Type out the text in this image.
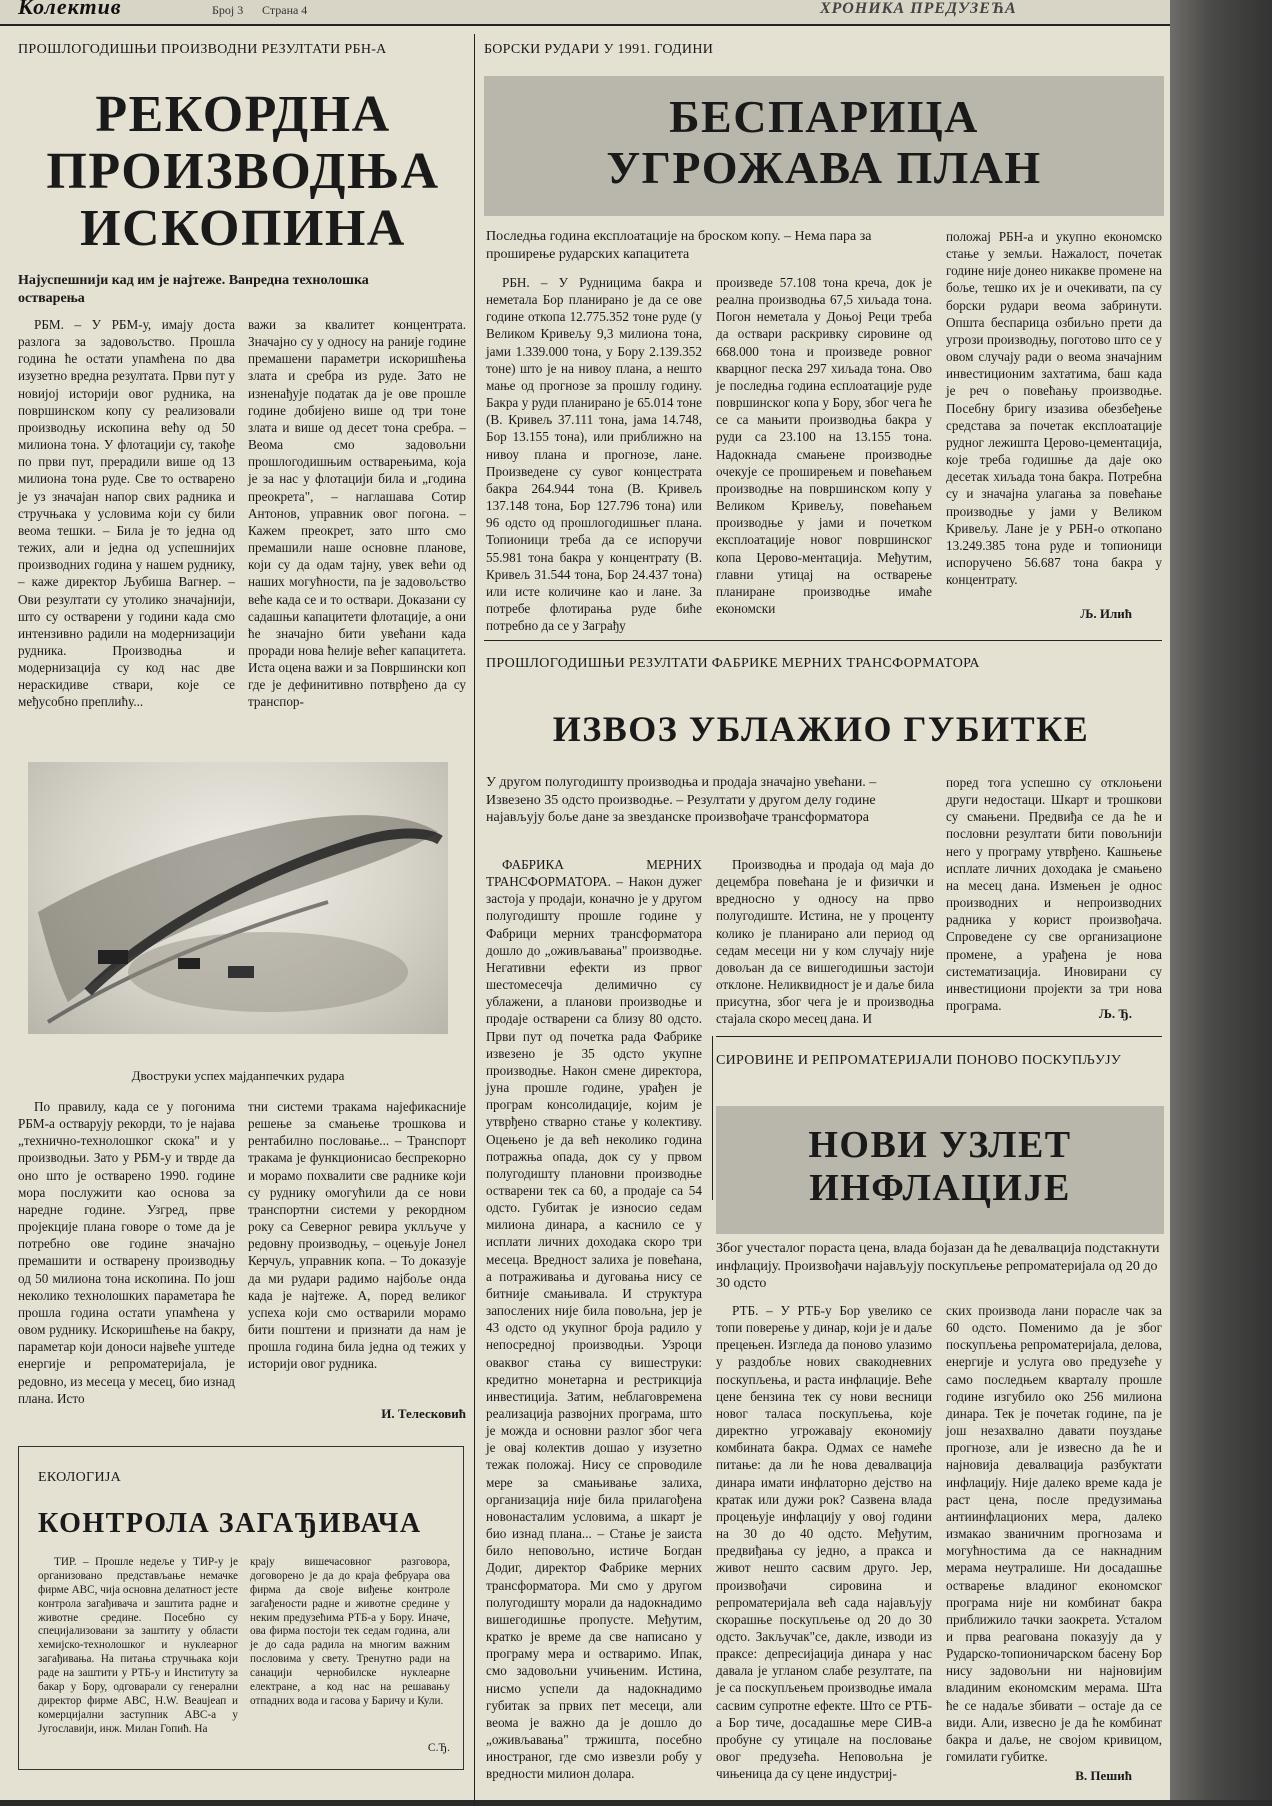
Колектив	Број 3 Страна 4	ХРОНИКА ПРЕДУЗЕЋА
ПРОШЛОГОДИШЊИ ПРОИЗВОДНИ РЕЗУЛТАТИ РБН-А
РЕКОРДНА
ПРОИЗВОДЊА
ИСКОПИНА
Најуспешнији кад им је најтеже. Ванредна технолошка остварења

РБМ. – У РБМ-у, имају доста разлога за задовољство. Прошла година ће остати упамћена по два изузетно вредна резултата. Први пут у новијој историји овог рудника, на површинском копу су реализовали производњу ископина већу од 50 милиона тона. У флотацији су, такође по први пут, прерадили више од 13 милиона тона руде. Све то остварено је уз значајан напор свих радника и стручњака у условима који су били веома тешки. – Била је то једна од тежих, али и једна од успешнијих производних година у нашем руднику, – каже директор Љубиша Вагнер. – Ови резултати су утолико значајнији, што су остварени у години када смо интензивно радили на модернизацији рудника. Производња и модернизација су код нас две нераскидиве ствари, које се међусобно преплићу...

важи за квалитет концентрата. Значајно су у односу на раније године премашени параметри искоришћења злата и сребра из руде. Зато не изненађује податак да је ове прошле године добијено више од три тоне злата и више од десет тона сребра. – Веома смо задовољни прошлогодишњим остварењима, која је за нас у флотацији била и „година преокрета", – наглашава Сотир Антонов, управник овог погона. – Кажем преокрет, зато што смо премашили наше основне планове, који су да одам тајну, увек већи од наших могућности, па је задовољство веће када се и то оствари. Доказани су садашњи капацитети флотације, а они ће значајно бити увећани када проради нова ћелије већег капацитета. Иста оцена важи и за Површински коп где је дефинитивно потврђено да су транспор-

Двоструки успех мајданпечких рудара

По правилу, када се у погонима РБМ-а остварују рекорди, то је најава „технично-технолошког скока" и у производњи. Зато у РБМ-у и тврде да оно што је остварено 1990. године мора послужити као основа за наредне године. Узгред, прве пројекције плана говоре о томе да је потребно ове године значајно премашити и остварену производњу од 50 милиона тона ископина. По још неколико технолошких параметара ће прошла година остати упамћена у овом руднику. Искоришћење на бакру, параметар који доноси највеће уштеде енергије и репроматеријала, је редовно, из месеца у месец, био изнад плана. Исто

тни системи тракама најефикасније решење за смањење трошкова и рентабилно пословање... – Транспорт тракама је функционисао беспрекорно и морамо похвалити све раднике који су руднику омогућили да се нови транспортни системи у рекордном року са Северног ревира уклључе у редовну производњу, – оцењује Јонел Керчуљ, управник копа. – То доказује да ми рудари радимо најбоље онда када је најтеже. А, поред великог успеха који смо остварили морамо бити поштени и признати да нам је прошла година била једна од тежих у историји овог рудника.

И. Телесковић
ЕКОЛОГИЈА
КОНТРОЛА ЗАГАЂИВАЧА

ТИР. – Прошле недеље у ТИР-у је организовано представљање немачке фирме АВС, чија основна делатност јесте контрола загађивача и заштита радне и животне средине. Посебно су специјализовани за заштиту у области хемијско-технолошког и нуклеарног загађивања. На питања стручњака који раде на заштити у РТБ-у и Институту за бакар у Бору, одговарали су генерални директор фирме АВС, Н.W. Веаujеап и комерцијални заступник АВС-а у Југославији, инж. Милан Гопић. На

крају вишечасовног разговора, договорено је да до краја фебруара ова фирма да своје виђење контроле загађености радне и животне средине у неким предузећима РТБ-а у Бору. Иначе, ова фирма постоји тек седам година, али је до сада радила на многим важним пословима у свету. Тренутно ради на санацији чернобилске нуклеарне електране, а код нас на решавању отпадних вода и гасова у Баричу и Кули.

С.Ђ.
БОРСКИ РУДАРИ У 1991. ГОДИНИ
БЕСПАРИЦА
УГРОЖАВА ПЛАН
Последња година експлоатације на броском копу. – Нема пара за проширење рударских капацитета

РБН. – У Рудницима бакра и неметала Бор планирано је да се ове године откопа 12.775.352 тоне руде (у Великом Кривељу 9,3 милиона тона, јами 1.339.000 тона, у Бору 2.139.352 тоне) што је на нивоу плана, а нешто мање од прогнозе за прошлу годину. Бакра у руди планирано је 65.014 тоне (В. Кривељ 37.111 тона, јама 14.748, Бор 13.155 тона), или приближно на нивоу плана и прогнозе, лане. Произведене су сувог концестрата бакра 264.944 тона (В. Кривељ 137.148 тона, Бор 127.796 тона) или 96 одсто од прошлогодишњег плана. Топионици треба да се испоручи 55.981 тона бакра у концентрату (В. Кривељ 31.544 тона, Бор 24.437 тона) или исте количине као и лане. За потребе флотирања руде биће потребно да се у Заграђу

произведе 57.108 тона креча, док је реална производња 67,5 хиљада тона. Погон неметала у Доњој Реци треба да оствари раскривку сировине од 668.000 тона и произведе ровног кварцног песка 297 хиљада тона. Ово је последња година есплоатације руде површинског копа у Бору, због чега ће се са мањити производња бакра у руди са 23.100 на 13.155 тона. Надокнада смањене производње очекује се проширењем и повећањем производње на површинском копу у Великом Кривељу, повећањем производње у јами и почетком експлоатације новог површинског копа Церово-ментација. Међутим, главни утицај на остварење планиране производње имаће економски

положај РБН-а и укупно економско стање у земљи. Нажалост, почетак године није донео никакве промене на боље, тешко их је и очекивати, па су борски рудари веома забринути. Општа беспарица озбиљно прети да угрози производњу, поготово што се у овом случају ради о веома значајним инвестиционим захтатима, баш када је реч о повећању производње. Посебну бригу изазива обезбеђење средстава за почетак експлоатације рудног лежишта Церово-цементација, које треба годишње да даје око десетак хиљада тона бакра. Потребна су и значајна улагања за повећање производње у јами у Великом Кривељу. Лане је у РБН-о откопано 13.249.385 тона руде и топионици испоручено 56.687 тона бакра у концентрату.

Љ. Илић
ПРОШЛОГОДИШЊИ РЕЗУЛТАТИ ФАБРИКЕ МЕРНИХ ТРАНСФОРМАТОРА
ИЗВОЗ УБЛАЖИО ГУБИТКЕ
У другом полугодишту производња и продаја значајно увећани. – Извезено 35 одсто производње. – Резултати у другом делу године најављују боље дане за звезданске произвођаче трансформатора

ФАБРИКА МЕРНИХ ТРАНСФОРМАТОРА. – Након дужег застоја у продаји, коначно је у другом полугодишту прошле године у Фабрици мерних трансформатора дошло до „оживљавања" производње. Негативни ефекти из првог шестомесечја делимично су ублажени, а планови производње и продаје остварени са близу 80 одсто. Први пут од почетка рада Фабрике извезено је 35 одсто укупне производње. Након смене директора, јуна прошле године, урађен је програм консолидације, којим је утврђено стварно стање у колективу. Оцењено је да већ неколико година потражња опада, док су у првом полугодишту плановни производње остварени тек са 60, а продаје са 54 одсто. Губитак је износио седам милиона динара, а каснило се у исплати личних доходака скоро три месеца. Вредност залиха је повећана, а потраживања и дуговања нису се битније смањивала. И структура запослених није била повољна, јер је 43 одсто од укупног броја радило у непосредној производњи. Узроци оваквог стања су вишеструки: кредитно монетарна и рестрикција инвестиција. Затим, неблаговремена реализација развојних програма, што је можда и основни разлог због чега је овај колектив дошао у изузетно тежак положај. Нису се спроводиле мере за смањивање залиха, организација није била прилагођена новонасталим условима, а шкарт је био изнад плана... – Стање је заиста било неповољно, истиче Богдан Додиг, директор Фабрике мерних трансформатора. Ми смо у другом полугодишту морали да надокнадимо вишегодишње пропусте. Међутим, кратко је време да све написано у програму мера и остваримо. Ипак, смо задовољни учињеним. Истина, нисмо успели да надокнадимо губитак за првих пет месеци, али веома је важно да је дошло до „оживљавања" тржишта, посебно иностраног, где смо извезли робу у вредности милион долара.

Производња и продаја од маја до децембра повећана је и физички и вредносно у односу на прво полугодиште. Истина, не у проценту колико је планирано али период од седам месеци ни у ком случају није довољан да се вишегодишњи застоји отклоне. Неликвидност је и даље била присутна, због чега је и производња стајала скоро месец дана. И

поред тога успешно су отклоњени други недостаци. Шкарт и трошкови су смањени. Предвиђа се да ће и пословни резултати бити повољнији него у програму утврђено. Кашњење исплате личних доходака је смањено на месец дана. Измењен је однос производних и непроизводних радника у корист произвођача. Спроведене су све организационе промене, а урађена је нова систематизација. Иновирани су инвестициони пројекти за три нова програма.

Љ. Ђ.
СИРОВИНЕ И РЕПРОМАТЕРИЈАЛИ ПОНОВО ПОСКУПЉУЈУ
НОВИ УЗЛЕТ
ИНФЛАЦИЈЕ
Због учесталог пораста цена, влада бојазан да ће девалвација подстакнути инфлацију. Произвођачи најављују поскупљење репроматеријала од 20 до 30 одсто

РТБ. – У РТБ-у Бор увелико се топи поверење у динар, који је и даље прецењен. Изгледа да поново улазимо у раздобље нових свакодневних поскупљења, и раста инфлације. Веће цене бензина тек су нови весници новог таласа поскупљења, које директно угрожавају економију комбината бакра. Одмах се намеће питање: да ли ће нова девалвација динара имати инфлаторно дејство на кратак или дужи рок? Сазвена влада процењује инфлацију у овој години на 30 до 40 одсто. Међутим, предвиђања су једно, а пракса и живот нешто сасвим друго. Јер, произвођачи сировина и репроматеријала већ сада најављују скорашње поскупљење од 20 до 30 одсто. Закључак"се, дакле, изводи из праксе: депресијација динара у нас давала је угланом слабе резултате, па је са поскупљењем производње имала сасвим супротне ефекте. Што се РТБ-а Бор тиче, досадашње мере СИВ-а пробуне су утицале на пословање овог предузећа. Неповољна је чињеница да су цене индустриј-

ских производа лани порасле чак за 60 одсто. Поменимо да је због поскупљења репроматеријала, делова, енергије и услуга ово предузеће у само последњем кварталу прошле године изгубило око 256 милиона динара. Тек је почетак године, па је још незахвално давати поуздање прогнозе, али је извесно да ће и најновија девалвација разбуктати инфлацију. Није далеко време када је раст цена, после предузимања антиинфлационих мера, далеко измакао званичним прогнозама и могућностима да се накнадним мерама неутралише. Ни досадашње остварење владиног економског програма није ни комбинат бакра приближило тачки заокрета. Усталом и прва реагована показују да у Рударско-топионичарском басену Бор нису задовољни ни најновијим владиним економским мерама. Шта ће се надаље збивати – остаје да се види. Али, извесно је да ће комбинат бакра и даље, не својом кривицом, гомилати губитке.

В. Пешић
